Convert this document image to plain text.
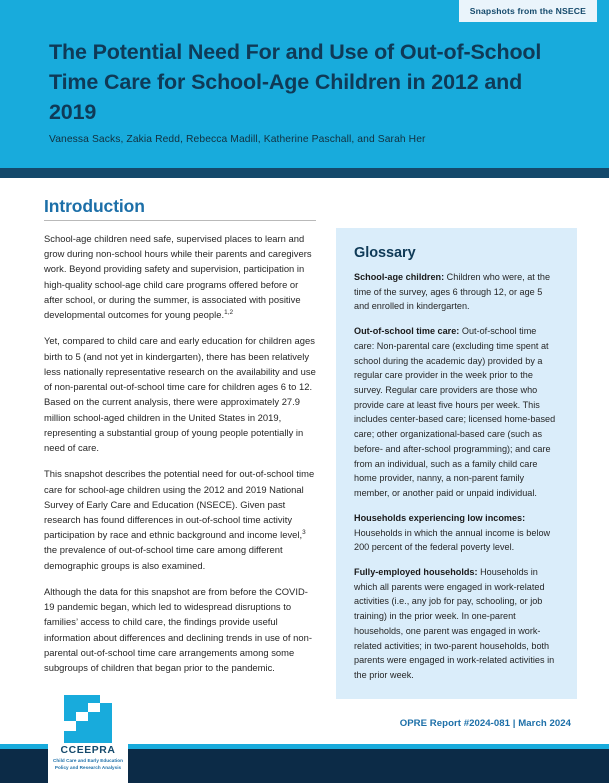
Snapshots from the NSECE
The Potential Need For and Use of Out-of-School Time Care for School-Age Children in 2012 and 2019
Vanessa Sacks, Zakia Redd, Rebecca Madill, Katherine Paschall, and Sarah Her
Introduction

School-age children need safe, supervised places to learn and grow during non-school hours while their parents and caregivers work. Beyond providing safety and supervision, participation in high-quality school-age child care programs offered before or after school, or during the summer, is associated with positive developmental outcomes for young people.$^{1,2}$

Yet, compared to child care and early education for children ages birth to 5 (and not yet in kindergarten), there has been relatively less nationally representative research on the availability and use of non-parental out-of-school time care for children ages 6 to 12. Based on the current analysis, there were approximately 27.9 million school-aged children in the United States in 2019, representing a substantial group of young people potentially in need of care.

This snapshot describes the potential need for out-of-school time care for school-age children using the 2012 and 2019 National Survey of Early Care and Education (NSECE). Given past research has found differences in out-of-school time activity participation by race and ethnic background and income level,$^3$ the prevalence of out-of-school time care among different demographic groups is also examined.

Although the data for this snapshot are from before the COVID-19 pandemic began, which led to widespread disruptions to families’ access to child care, the findings provide useful information about differences and declining trends in use of non-parental out-of-school time care arrangements among some subgroups of children that began prior to the pandemic.

Glossary

School-age children: Children who were, at the time of the survey, ages 6 through 12, or age 5 and enrolled in kindergarten.

Out-of-school time care: Out-of-school time care: Non-parental care (excluding time spent at school during the academic day) provided by a regular care provider in the week prior to the survey. Regular care providers are those who provide care at least five hours per week. This includes center-based care; licensed home-based care; other organizational-based care (such as before- and after-school programming); and care from an individual, such as a family child care home provider, nanny, a non-parent family member, or another paid or unpaid individual.

Households experiencing low incomes: Households in which the annual income is below 200 percent of the federal poverty level.

Fully-employed households: Households in which all parents were engaged in work-related activities (i.e., any job for pay, schooling, or job training) in the prior week. In one-parent households, one parent was engaged in work-related activities; in two-parent households, both parents were engaged in work-related activities in the prior week.

OPRE Report #2024-081 | March 2024
CCEEPRA
Child Care and Early Education Policy and Research Analysis
